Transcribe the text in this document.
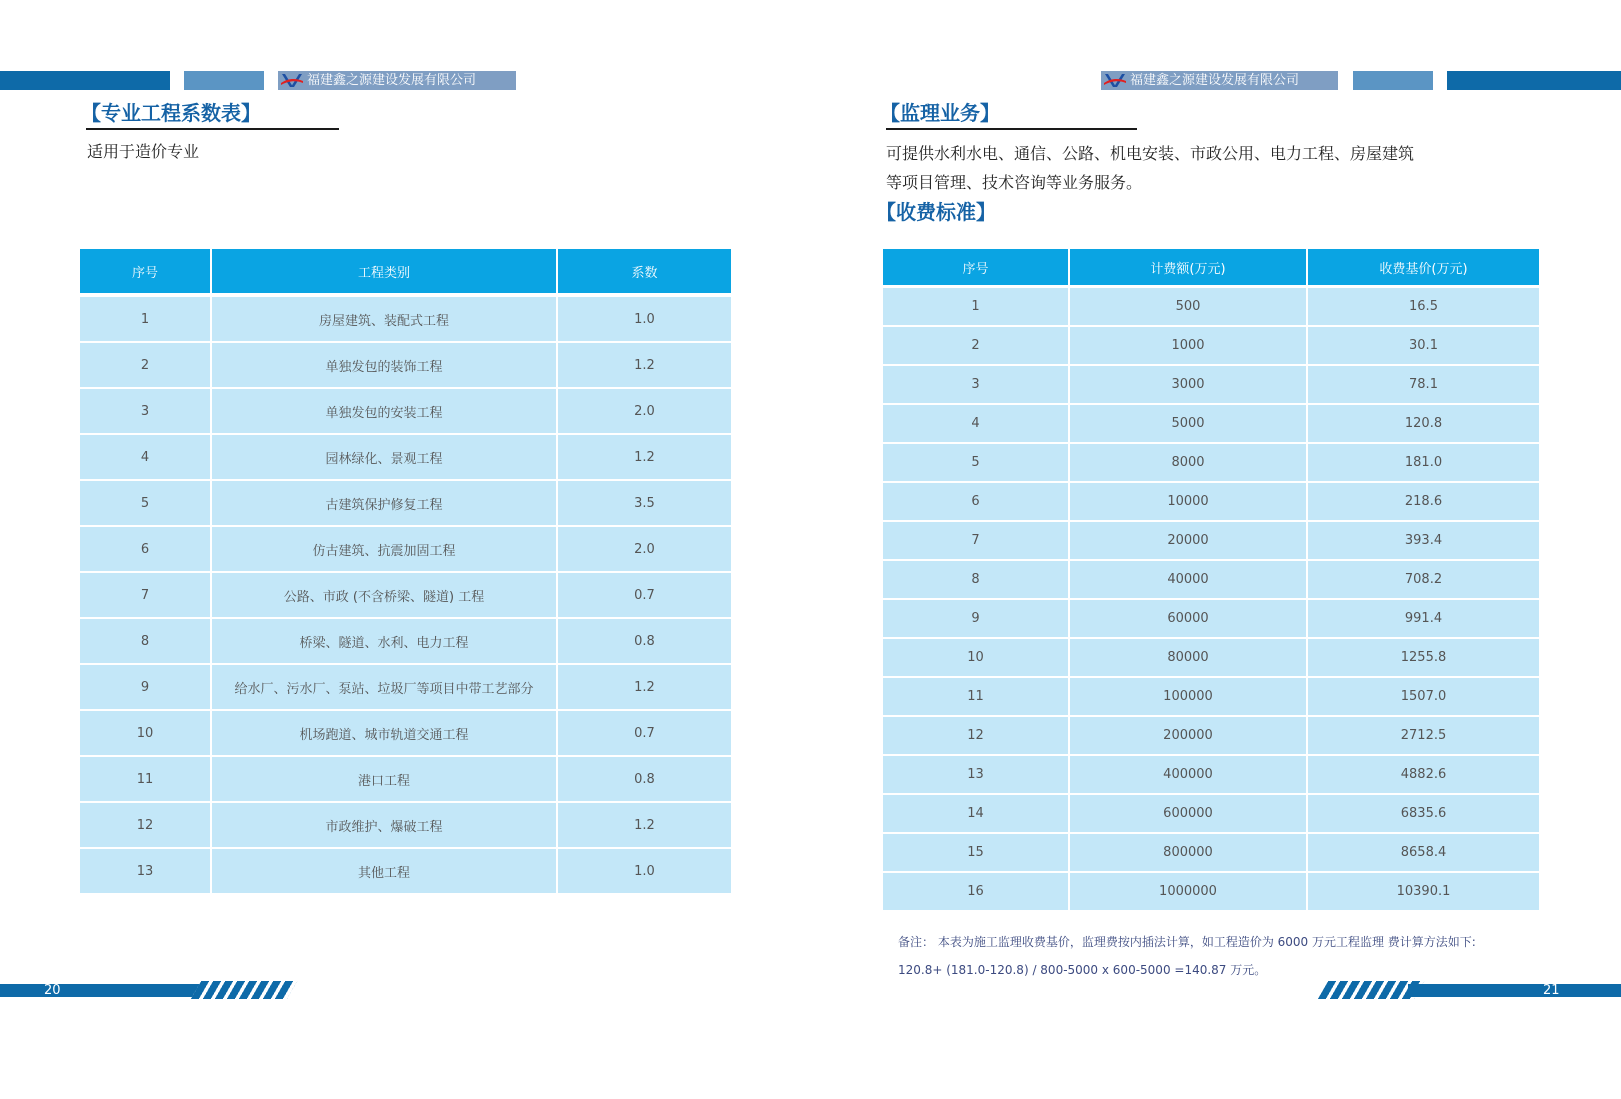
福建鑫之源建设发展有限公司	福建鑫之源建设发展有限公司
【专业工程系数表】
适用于造价专业
序号	工程类别	系数
1	房屋建筑、装配式工程	1.0
2	单独发包的装饰工程	1.2
3	单独发包的安装工程	2.0
4	园林绿化、景观工程	1.2
5	古建筑保护修复工程	3.5
6	仿古建筑、抗震加固工程	2.0
7	公路、市政 (不含桥梁、隧道) 工程	0.7
8	桥梁、隧道、水利、电力工程	0.8
9	给水厂、污水厂、泵站、垃圾厂等项目中带工艺部分	1.2
10	机场跑道、城市轨道交通工程	0.7
11	港口工程	0.8
12	市政维护、爆破工程	1.2
13	其他工程	1.0
【监理业务】
可提供水利水电、通信、公路、机电安装、市政公用、电力工程、房屋建筑
等项目管理、技术咨询等业务服务。
【收费标准】
序号	计费额(万元)	收费基价(万元)
1	500	16.5
2	1000	30.1
3	3000	78.1
4	5000	120.8
5	8000	181.0
6	10000	218.6
7	20000	393.4
8	40000	708.2
9	60000	991.4
10	80000	1255.8
11	100000	1507.0
12	200000	2712.5
13	400000	4882.6
14	600000	6835.6
15	800000	8658.4
16	1000000	10390.1
备注： 本表为施工监理收费基价，监理费按内插法计算，如工程造价为 6000 万元工程监理 费计算方法如下:
120.8+ (181.0-120.8) / 800-5000 x 600-5000 =140.87 万元。
20	21
